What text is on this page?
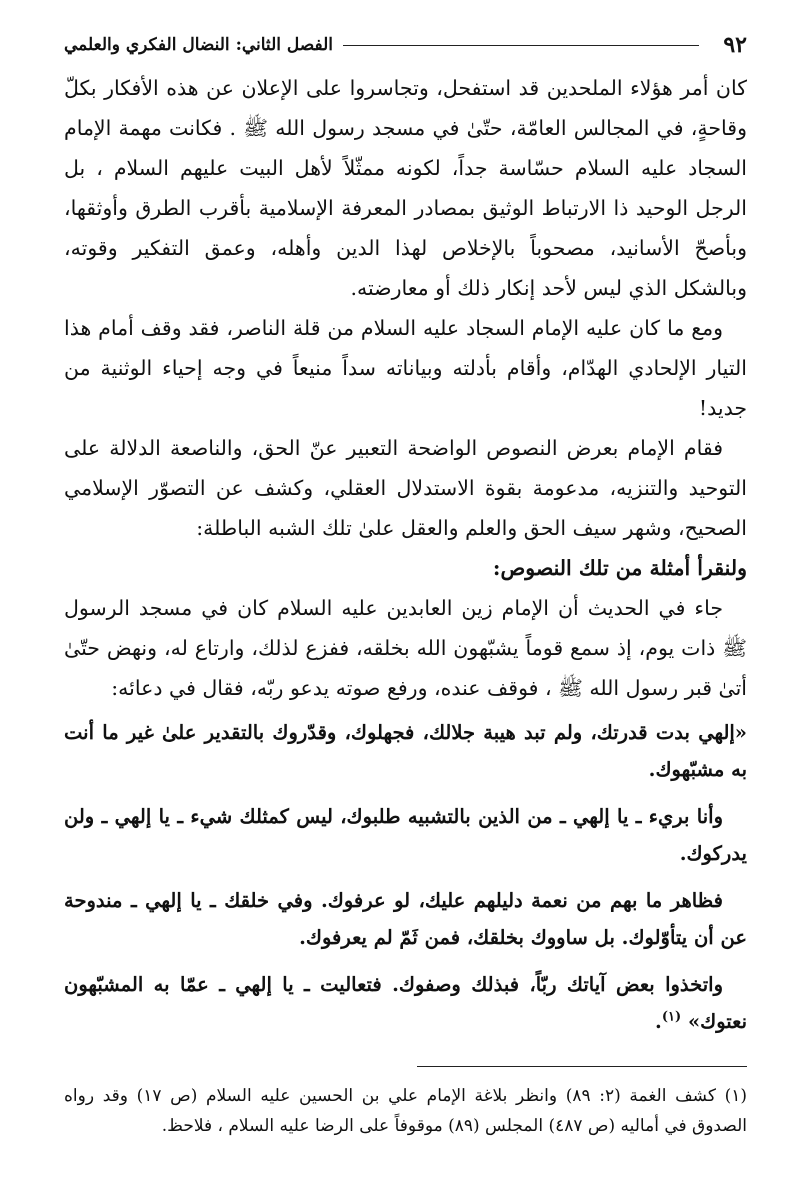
٩٢
الفصل الثاني: النضال الفكري والعلمي

كان أمر هؤلاء الملحدين قد استفحل، وتجاسروا على الإعلان عن هذه الأفكار بكلّ وقاحةٍ، في المجالس العامّة، حتّىٰ في مسجد رسول الله ﷺ . فكانت مهمة الإمام السجاد عليه السلام حسّاسة جداً، لكونه ممثّلاً لأهل البيت عليهم السلام ، بل الرجل الوحيد ذا الارتباط الوثيق بمصادر المعرفة الإسلامية بأقرب الطرق وأوثقها، وبأصحّ الأسانيد، مصحوباً بالإخلاص لهذا الدين وأهله، وعمق التفكير وقوته، وبالشكل الذي ليس لأحد إنكار ذلك أو معارضته.

ومع ما كان عليه الإمام السجاد عليه السلام من قلة الناصر، فقد وقف أمام هذا التيار الإلحادي الهدّام، وأقام بأدلته وبياناته سداً منيعاً في وجه إحياء الوثنية من جديد!

فقام الإمام بعرض النصوص الواضحة التعبير عنّ الحق، والناصعة الدلالة على التوحيد والتنزيه، مدعومة بقوة الاستدلال العقلي، وكشف عن التصوّر الإسلامي الصحيح، وشهر سيف الحق والعلم والعقل علىٰ تلك الشبه الباطلة:

ولنقرأ أمثلة من تلك النصوص:

جاء في الحديث أن الإمام زين العابدين عليه السلام كان في مسجد الرسول ﷺ ذات يوم، إذ سمع قوماً يشبّهون الله بخلقه، ففزع لذلك، وارتاع له، ونهض حتّىٰ أتىٰ قبر رسول الله ﷺ ، فوقف عنده، ورفع صوته يدعو ربّه، فقال في دعائه:

«إلهي بدت قدرتك، ولم تبد هيبة جلالك، فجهلوك، وقدّروك بالتقدير علىٰ غير ما أنت به مشبّهوك.

وأنا بريء ـ يا إلهي ـ من الذين بالتشبيه طلبوك، ليس كمثلك شيء ـ يا إلهي ـ ولن يدركوك.

فظاهر ما بهم من نعمة دليلهم عليك، لو عرفوك. وفي خلقك ـ يا إلهي ـ مندوحة عن أن يتأوّلوك. بل ساووك بخلقك، فمن ثَمّ لم يعرفوك.

واتخذوا بعض آياتك ربّاً، فبذلك وصفوك. فتعاليت ـ يا إلهي ـ عمّا به المشبّهون نعتوك» $^{(١)}$.

(١) كشف الغمة (٢: ٨٩) وانظر بلاغة الإمام علي بن الحسين عليه السلام (ص ١٧) وقد رواه الصدوق في أماليه (ص ٤٨٧) المجلس (٨٩) موقوفاً على الرضا عليه السلام ، فلاحظ.
